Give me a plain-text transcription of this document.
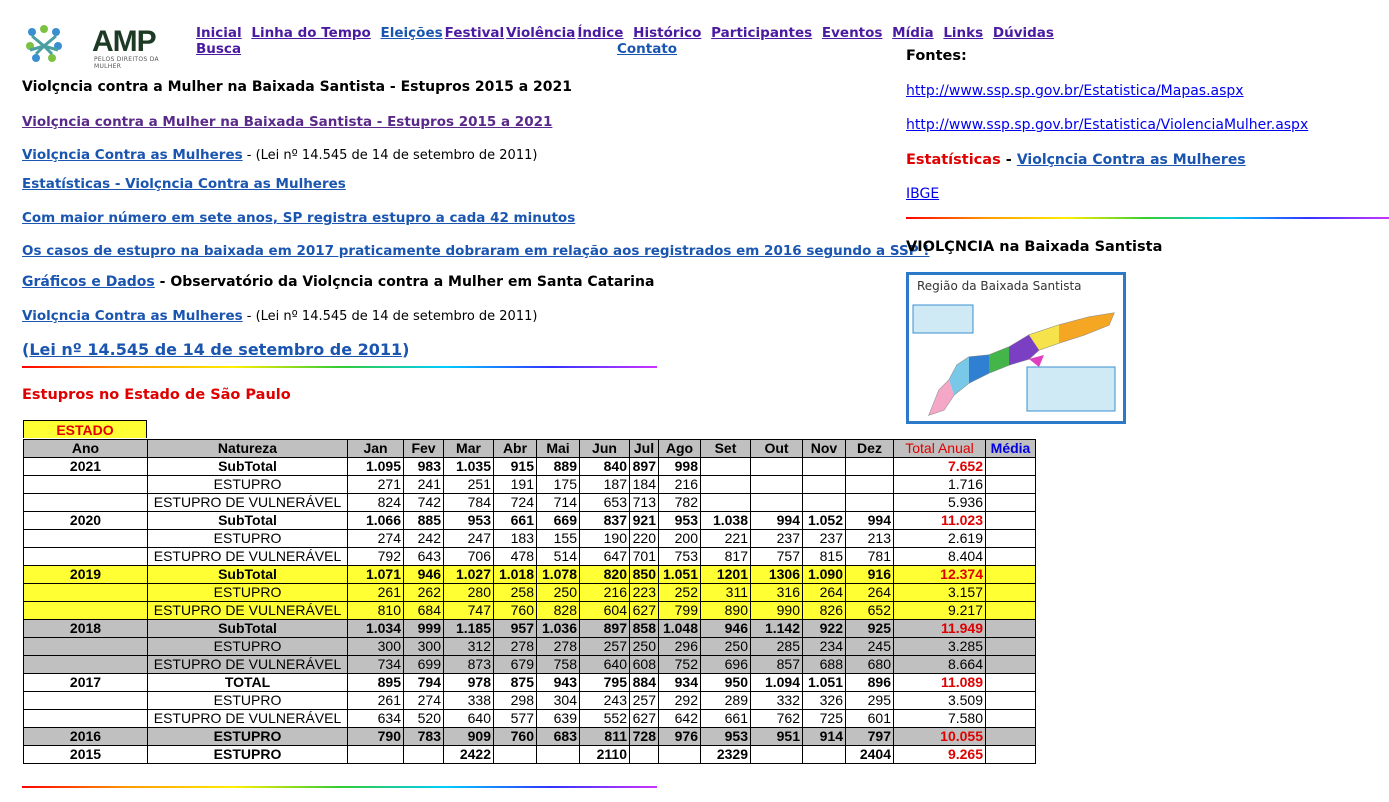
AMP
PELOS DIREITOS DA MULHER
Inicial Linha do Tempo Eleições Festival Violência Índice Histórico Participantes Eventos Mídia Links Dúvidas Busca	Contato
Violçncia contra a Mulher na Baixada Santista - Estupros 2015 a 2021
Violçncia contra a Mulher na Baixada Santista - Estupros 2015 a 2021
Violçncia Contra as Mulheres - (Lei nº 14.545 de 14 de setembro de 2011)
Estatísticas - Violçncia Contra as Mulheres
Com maior número em sete anos, SP registra estupro a cada 42 minutos
Os casos de estupro na baixada em 2017 praticamente dobraram em relação aos registrados em 2016 segundo a SSP !
Gráficos e Dados - Observatório da Violçncia contra a Mulher em Santa Catarina
Violçncia Contra as Mulheres - (Lei nº 14.545 de 14 de setembro de 2011)
(Lei nº 14.545 de 14 de setembro de 2011)
Estupros no Estado de São Paulo
ESTADO
Ano	Natureza	Jan	Fev	Mar	Abr	Mai	Jun	Jul	Ago	Set	Out	Nov	Dez	Total Anual	Média
2021	SubTotal	1.095	983	1.035	915	889	840	897	998					7.652	
	ESTUPRO	271	241	251	191	175	187	184	216					1.716	
	ESTUPRO DE VULNERÁVEL	824	742	784	724	714	653	713	782					5.936	
2020	SubTotal	1.066	885	953	661	669	837	921	953	1.038	994	1.052	994	11.023	
	ESTUPRO	274	242	247	183	155	190	220	200	221	237	237	213	2.619	
	ESTUPRO DE VULNERÁVEL	792	643	706	478	514	647	701	753	817	757	815	781	8.404	
2019	SubTotal	1.071	946	1.027	1.018	1.078	820	850	1.051	1201	1306	1.090	916	12.374	
	ESTUPRO	261	262	280	258	250	216	223	252	311	316	264	264	3.157	
	ESTUPRO DE VULNERÁVEL	810	684	747	760	828	604	627	799	890	990	826	652	9.217	
2018	SubTotal	1.034	999	1.185	957	1.036	897	858	1.048	946	1.142	922	925	11.949	
	ESTUPRO	300	300	312	278	278	257	250	296	250	285	234	245	3.285	
	ESTUPRO DE VULNERÁVEL	734	699	873	679	758	640	608	752	696	857	688	680	8.664	
2017	TOTAL	895	794	978	875	943	795	884	934	950	1.094	1.051	896	11.089	
	ESTUPRO	261	274	338	298	304	243	257	292	289	332	326	295	3.509	
	ESTUPRO DE VULNERÁVEL	634	520	640	577	639	552	627	642	661	762	725	601	7.580	
2016	ESTUPRO	790	783	909	760	683	811	728	976	953	951	914	797	10.055	
2015	ESTUPRO			2422			2110			2329			2404	9.265	
Fontes:
http://www.ssp.sp.gov.br/Estatistica/Mapas.aspx
http://www.ssp.sp.gov.br/Estatistica/ViolenciaMulher.aspx
Estatísticas - Violçncia Contra as Mulheres
IBGE
VIOLÇNCIA na Baixada Santista
Região da Baixada Santista
